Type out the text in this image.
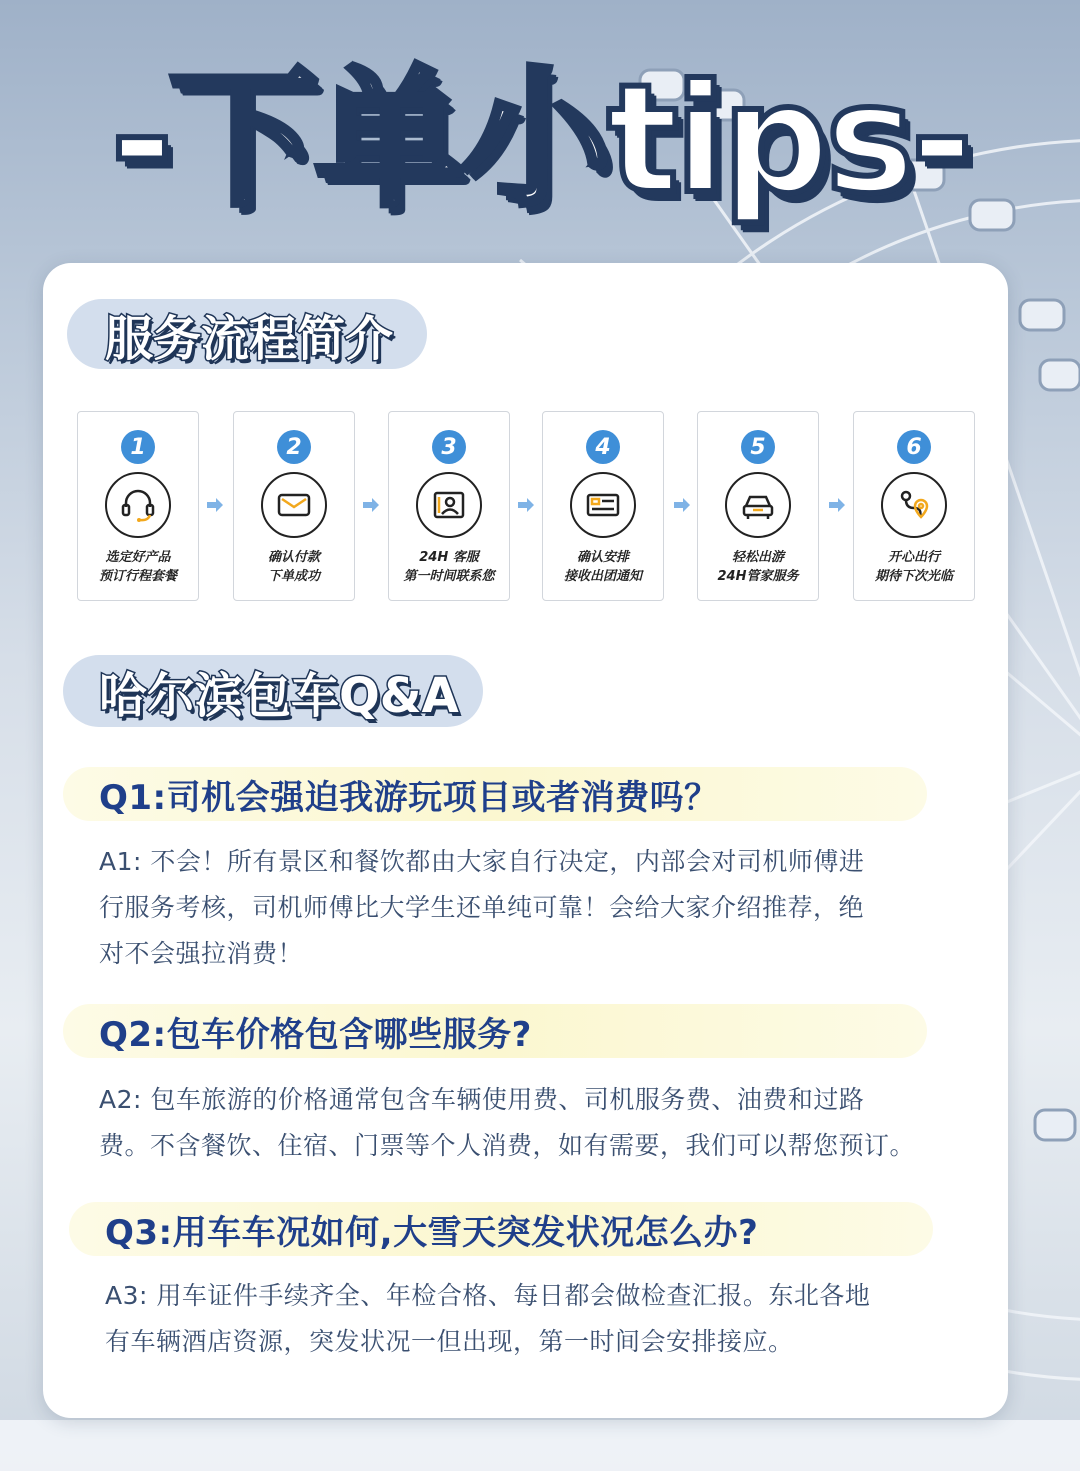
-下单小tips-
服务流程简介
1
选定好产品
预订行程套餐
2
确认付款
下单成功
3
24H 客服
第一时间联系您
4
确认安排
接收出团通知
5
轻松出游
24H管家服务
6
开心出行
期待下次光临
哈尔滨包车Q&A
Q1:司机会强迫我游玩项目或者消费吗？
A1: 不会！所有景区和餐饮都由大家自行决定，内部会对司机师傅进
行服务考核，司机师傅比大学生还单纯可靠！会给大家介绍推荐，绝
对不会强拉消费！
Q2:包车价格包含哪些服务?
A2: 包车旅游的价格通常包含车辆使用费、司机服务费、油费和过路
费。不含餐饮、住宿、门票等个人消费，如有需要，我们可以帮您预订。
Q3:用车车况如何,大雪天突发状况怎么办?
A3: 用车证件手续齐全、年检合格、每日都会做检查汇报。东北各地
有车辆酒店资源，突发状况一但出现，第一时间会安排接应。
